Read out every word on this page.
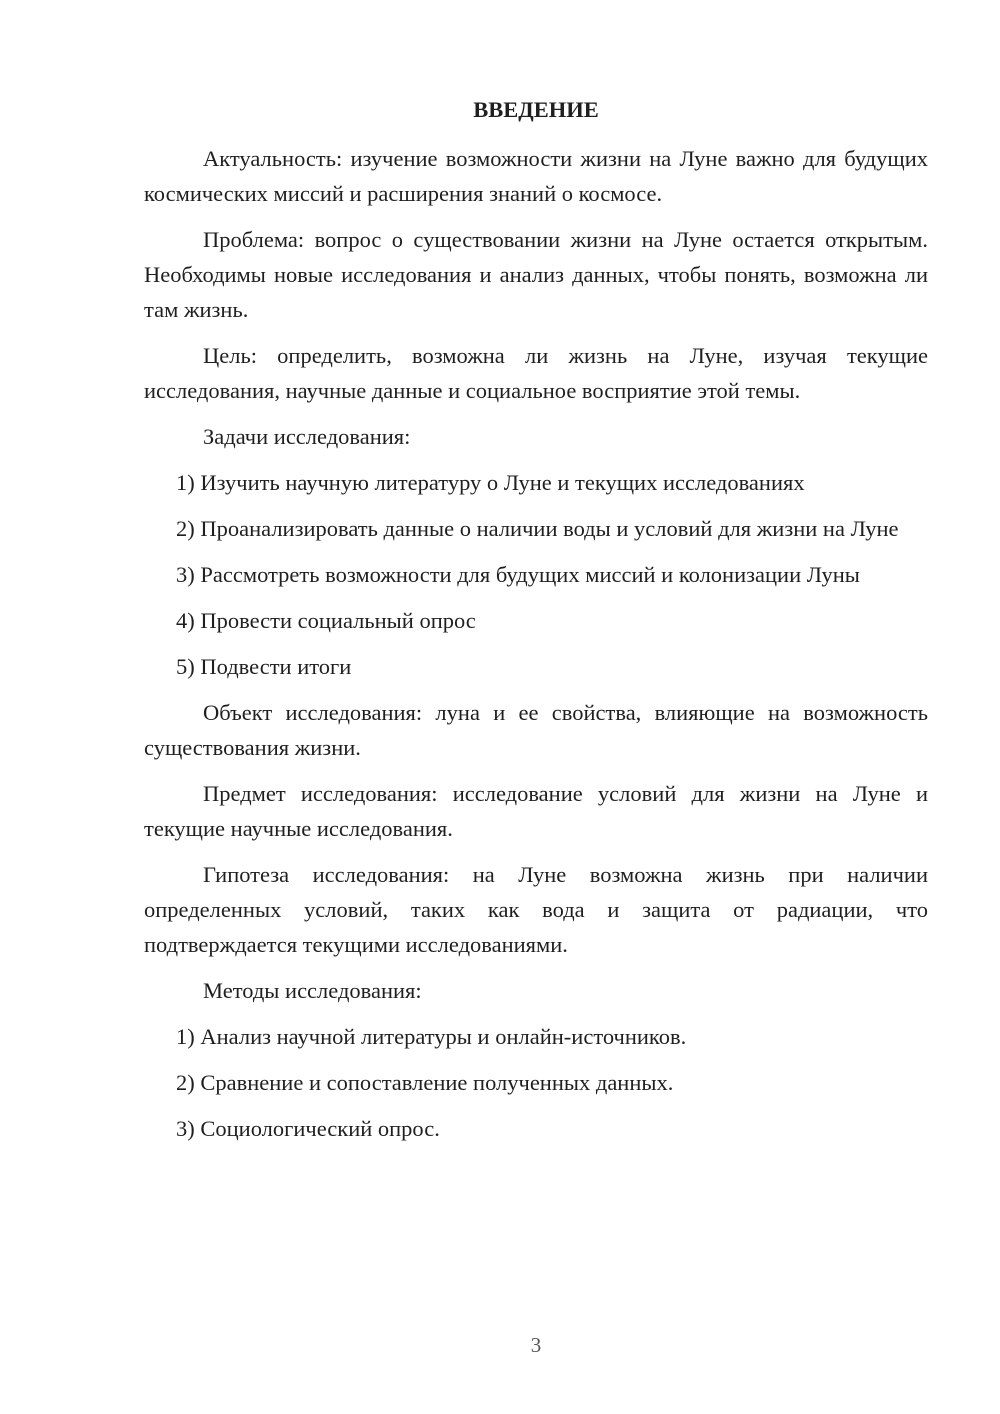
ВВЕДЕНИЕ

Актуальность: изучение возможности жизни на Луне важно для будущих космических миссий и расширения знаний о космосе.

Проблема: вопрос о существовании жизни на Луне остается открытым. Необходимы новые исследования и анализ данных, чтобы понять, возможна ли там жизнь.

Цель: определить, возможна ли жизнь на Луне, изучая текущие исследования, научные данные и социальное восприятие этой темы.

Задачи исследования:

1) Изучить научную литературу о Луне и текущих исследованиях

2) Проанализировать данные о наличии воды и условий для жизни на Луне

3) Рассмотреть возможности для будущих миссий и колонизации Луны

4) Провести социальный опрос

5) Подвести итоги

Объект исследования: луна и ее свойства, влияющие на возможность существования жизни.

Предмет исследования: исследование условий для жизни на Луне и текущие научные исследования.

Гипотеза исследования: на Луне возможна жизнь при наличии определенных условий, таких как вода и защита от радиации, что подтверждается текущими исследованиями.

Методы исследования:

1) Анализ научной литературы и онлайн-источников.

2) Сравнение и сопоставление полученных данных.

3) Социологический опрос.

3
